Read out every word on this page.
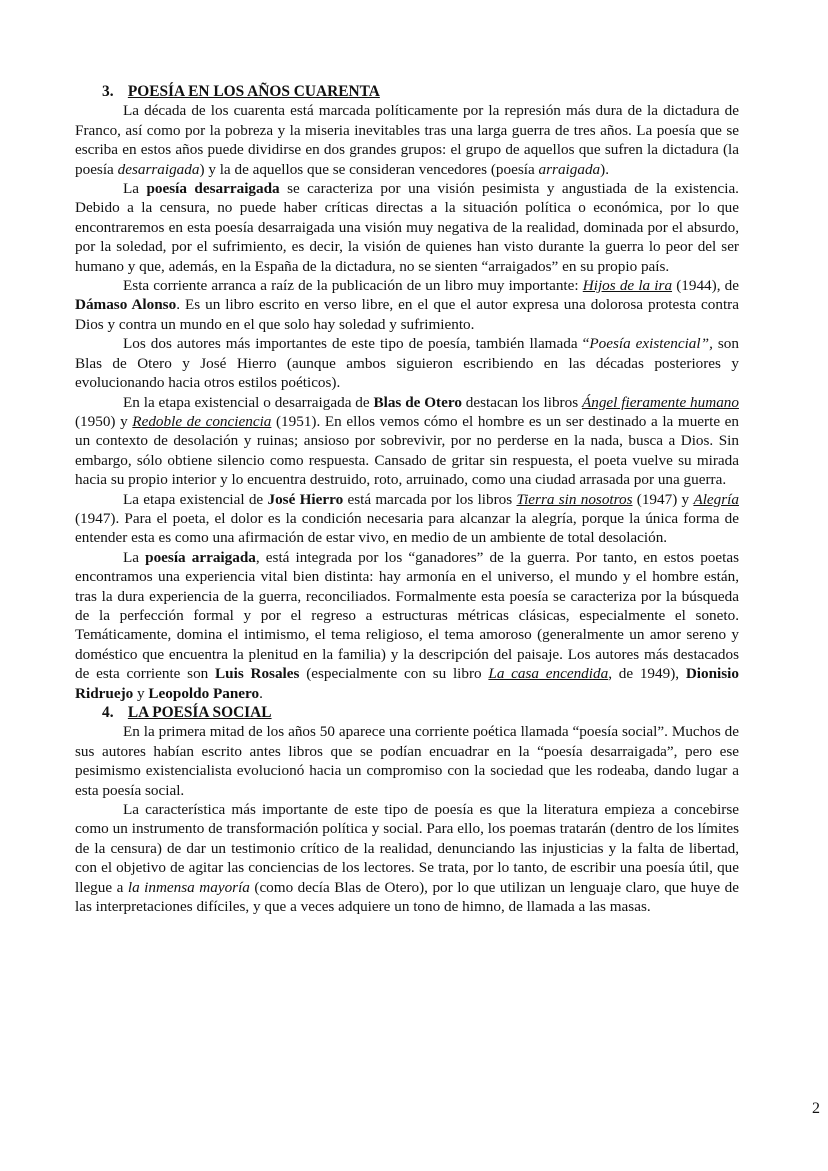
3. POESÍA EN LOS AÑOS CUARENTA

La década de los cuarenta está marcada políticamente por la represión más dura de la dictadura de Franco, así como por la pobreza y la miseria inevitables tras una larga guerra de tres años. La poesía que se escriba en estos años puede dividirse en dos grandes grupos: el grupo de aquellos que sufren la dictadura (la poesía desarraigada) y la de aquellos que se consideran vencedores (poesía arraigada).

La poesía desarraigada se caracteriza por una visión pesimista y angustiada de la existencia. Debido a la censura, no puede haber críticas directas a la situación política o económica, por lo que encontraremos en esta poesía desarraigada una visión muy negativa de la realidad, dominada por el absurdo, por la soledad, por el sufrimiento, es decir, la visión de quienes han visto durante la guerra lo peor del ser humano y que, además, en la España de la dictadura, no se sienten “arraigados” en su propio país.

Esta corriente arranca a raíz de la publicación de un libro muy importante: Hijos de la ira (1944), de Dámaso Alonso. Es un libro escrito en verso libre, en el que el autor expresa una dolorosa protesta contra Dios y contra un mundo en el que solo hay soledad y sufrimiento.

Los dos autores más importantes de este tipo de poesía, también llamada “Poesía existencial”, son Blas de Otero y José Hierro (aunque ambos siguieron escribiendo en las décadas posteriores y evolucionando hacia otros estilos poéticos).

En la etapa existencial o desarraigada de Blas de Otero destacan los libros Ángel fieramente humano (1950) y Redoble de conciencia (1951). En ellos vemos cómo el hombre es un ser destinado a la muerte en un contexto de desolación y ruinas; ansioso por sobrevivir, por no perderse en la nada, busca a Dios. Sin embargo, sólo obtiene silencio como respuesta. Cansado de gritar sin respuesta, el poeta vuelve su mirada hacia su propio interior y lo encuentra destruido, roto, arruinado, como una ciudad arrasada por una guerra.

La etapa existencial de José Hierro está marcada por los libros Tierra sin nosotros (1947) y Alegría (1947). Para el poeta, el dolor es la condición necesaria para alcanzar la alegría, porque la única forma de entender esta es como una afirmación de estar vivo, en medio de un ambiente de total desolación.

La poesía arraigada, está integrada por los “ganadores” de la guerra. Por tanto, en estos poetas encontramos una experiencia vital bien distinta: hay armonía en el universo, el mundo y el hombre están, tras la dura experiencia de la guerra, reconciliados. Formalmente esta poesía se caracteriza por la búsqueda de la perfección formal y por el regreso a estructuras métricas clásicas, especialmente el soneto. Temáticamente, domina el intimismo, el tema religioso, el tema amoroso (generalmente un amor sereno y doméstico que encuentra la plenitud en la familia) y la descripción del paisaje. Los autores más destacados de esta corriente son Luis Rosales (especialmente con su libro La casa encendida, de 1949), Dionisio Ridruejo y Leopoldo Panero.

4. LA POESÍA SOCIAL

En la primera mitad de los años 50 aparece una corriente poética llamada “poesía social”. Muchos de sus autores habían escrito antes libros que se podían encuadrar en la “poesía desarraigada”, pero ese pesimismo existencialista evolucionó hacia un compromiso con la sociedad que les rodeaba, dando lugar a esta poesía social.

La característica más importante de este tipo de poesía es que la literatura empieza a concebirse como un instrumento de transformación política y social. Para ello, los poemas tratarán (dentro de los límites de la censura) de dar un testimonio crítico de la realidad, denunciando las injusticias y la falta de libertad, con el objetivo de agitar las conciencias de los lectores. Se trata, por lo tanto, de escribir una poesía útil, que llegue a la inmensa mayoría (como decía Blas de Otero), por lo que utilizan un lenguaje claro, que huye de las interpretaciones difíciles, y que a veces adquiere un tono de himno, de llamada a las masas.

2
